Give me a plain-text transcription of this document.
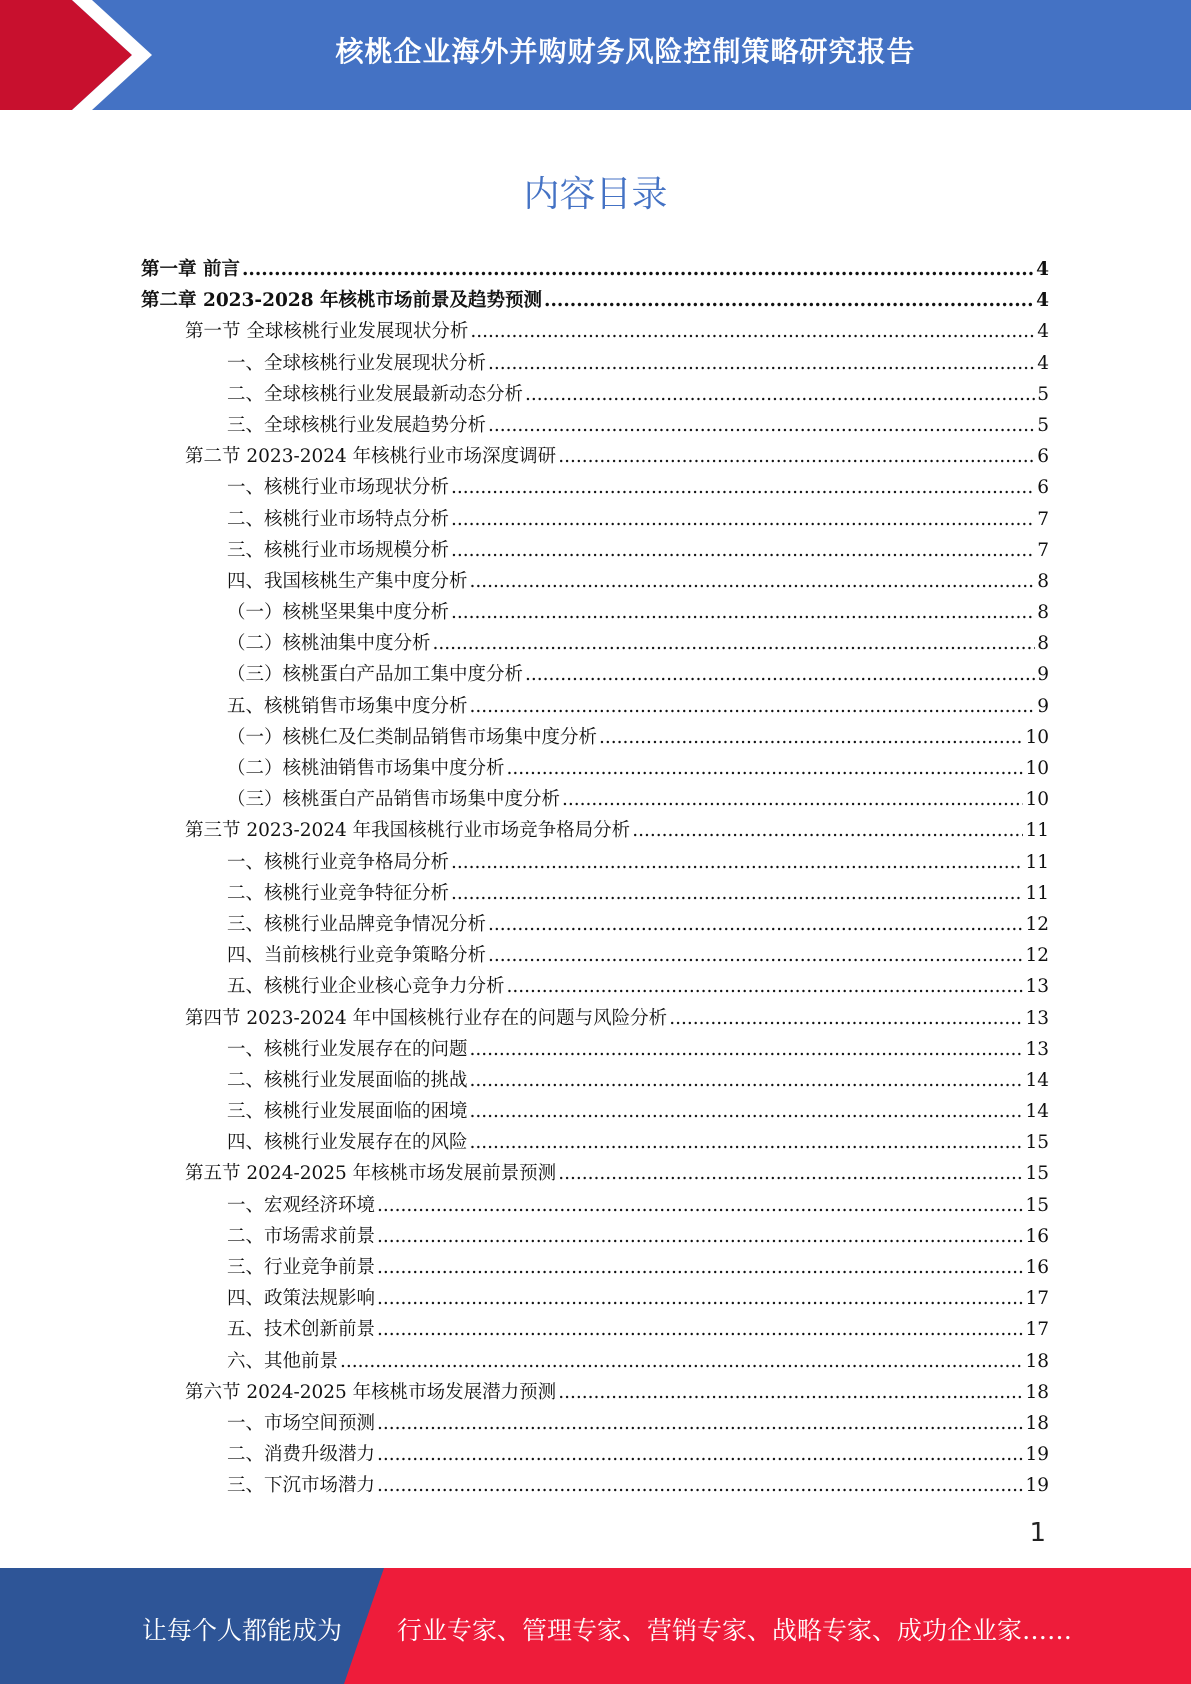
核桃企业海外并购财务风险控制策略研究报告
内容目录
第一章 前言 .....	4
第二章 2023-2028 年核桃市场前景及趋势预测 .....	4
第一节 全球核桃行业发展现状分析 .....	4
一、全球核桃行业发展现状分析 .....	4
二、全球核桃行业发展最新动态分析 .....	5
三、全球核桃行业发展趋势分析 .....	5
第二节 2023-2024 年核桃行业市场深度调研 .....	6
一、核桃行业市场现状分析 .....	6
二、核桃行业市场特点分析 .....	7
三、核桃行业市场规模分析 .....	7
四、我国核桃生产集中度分析 .....	8
（一）核桃坚果集中度分析 .....	8
（二）核桃油集中度分析 .....	8
（三）核桃蛋白产品加工集中度分析 .....	9
五、核桃销售市场集中度分析 .....	9
（一）核桃仁及仁类制品销售市场集中度分析 .....	10
（二）核桃油销售市场集中度分析 .....	10
（三）核桃蛋白产品销售市场集中度分析 .....	10
第三节 2023-2024 年我国核桃行业市场竞争格局分析 .....	11
一、核桃行业竞争格局分析 .....	11
二、核桃行业竞争特征分析 .....	11
三、核桃行业品牌竞争情况分析 .....	12
四、当前核桃行业竞争策略分析 .....	12
五、核桃行业企业核心竞争力分析 .....	13
第四节 2023-2024 年中国核桃行业存在的问题与风险分析 .....	13
一、核桃行业发展存在的问题 .....	13
二、核桃行业发展面临的挑战 .....	14
三、核桃行业发展面临的困境 .....	14
四、核桃行业发展存在的风险 .....	15
第五节 2024-2025 年核桃市场发展前景预测 .....	15
一、宏观经济环境 .....	15
二、市场需求前景 .....	16
三、行业竞争前景 .....	16
四、政策法规影响 .....	17
五、技术创新前景 .....	17
六、其他前景 .....	18
第六节 2024-2025 年核桃市场发展潜力预测 .....	18
一、市场空间预测 .....	18
二、消费升级潜力 .....	19
三、下沉市场潜力 .....	19
1
让每个人都能成为 行业专家、管理专家、营销专家、战略专家、成功企业家……
